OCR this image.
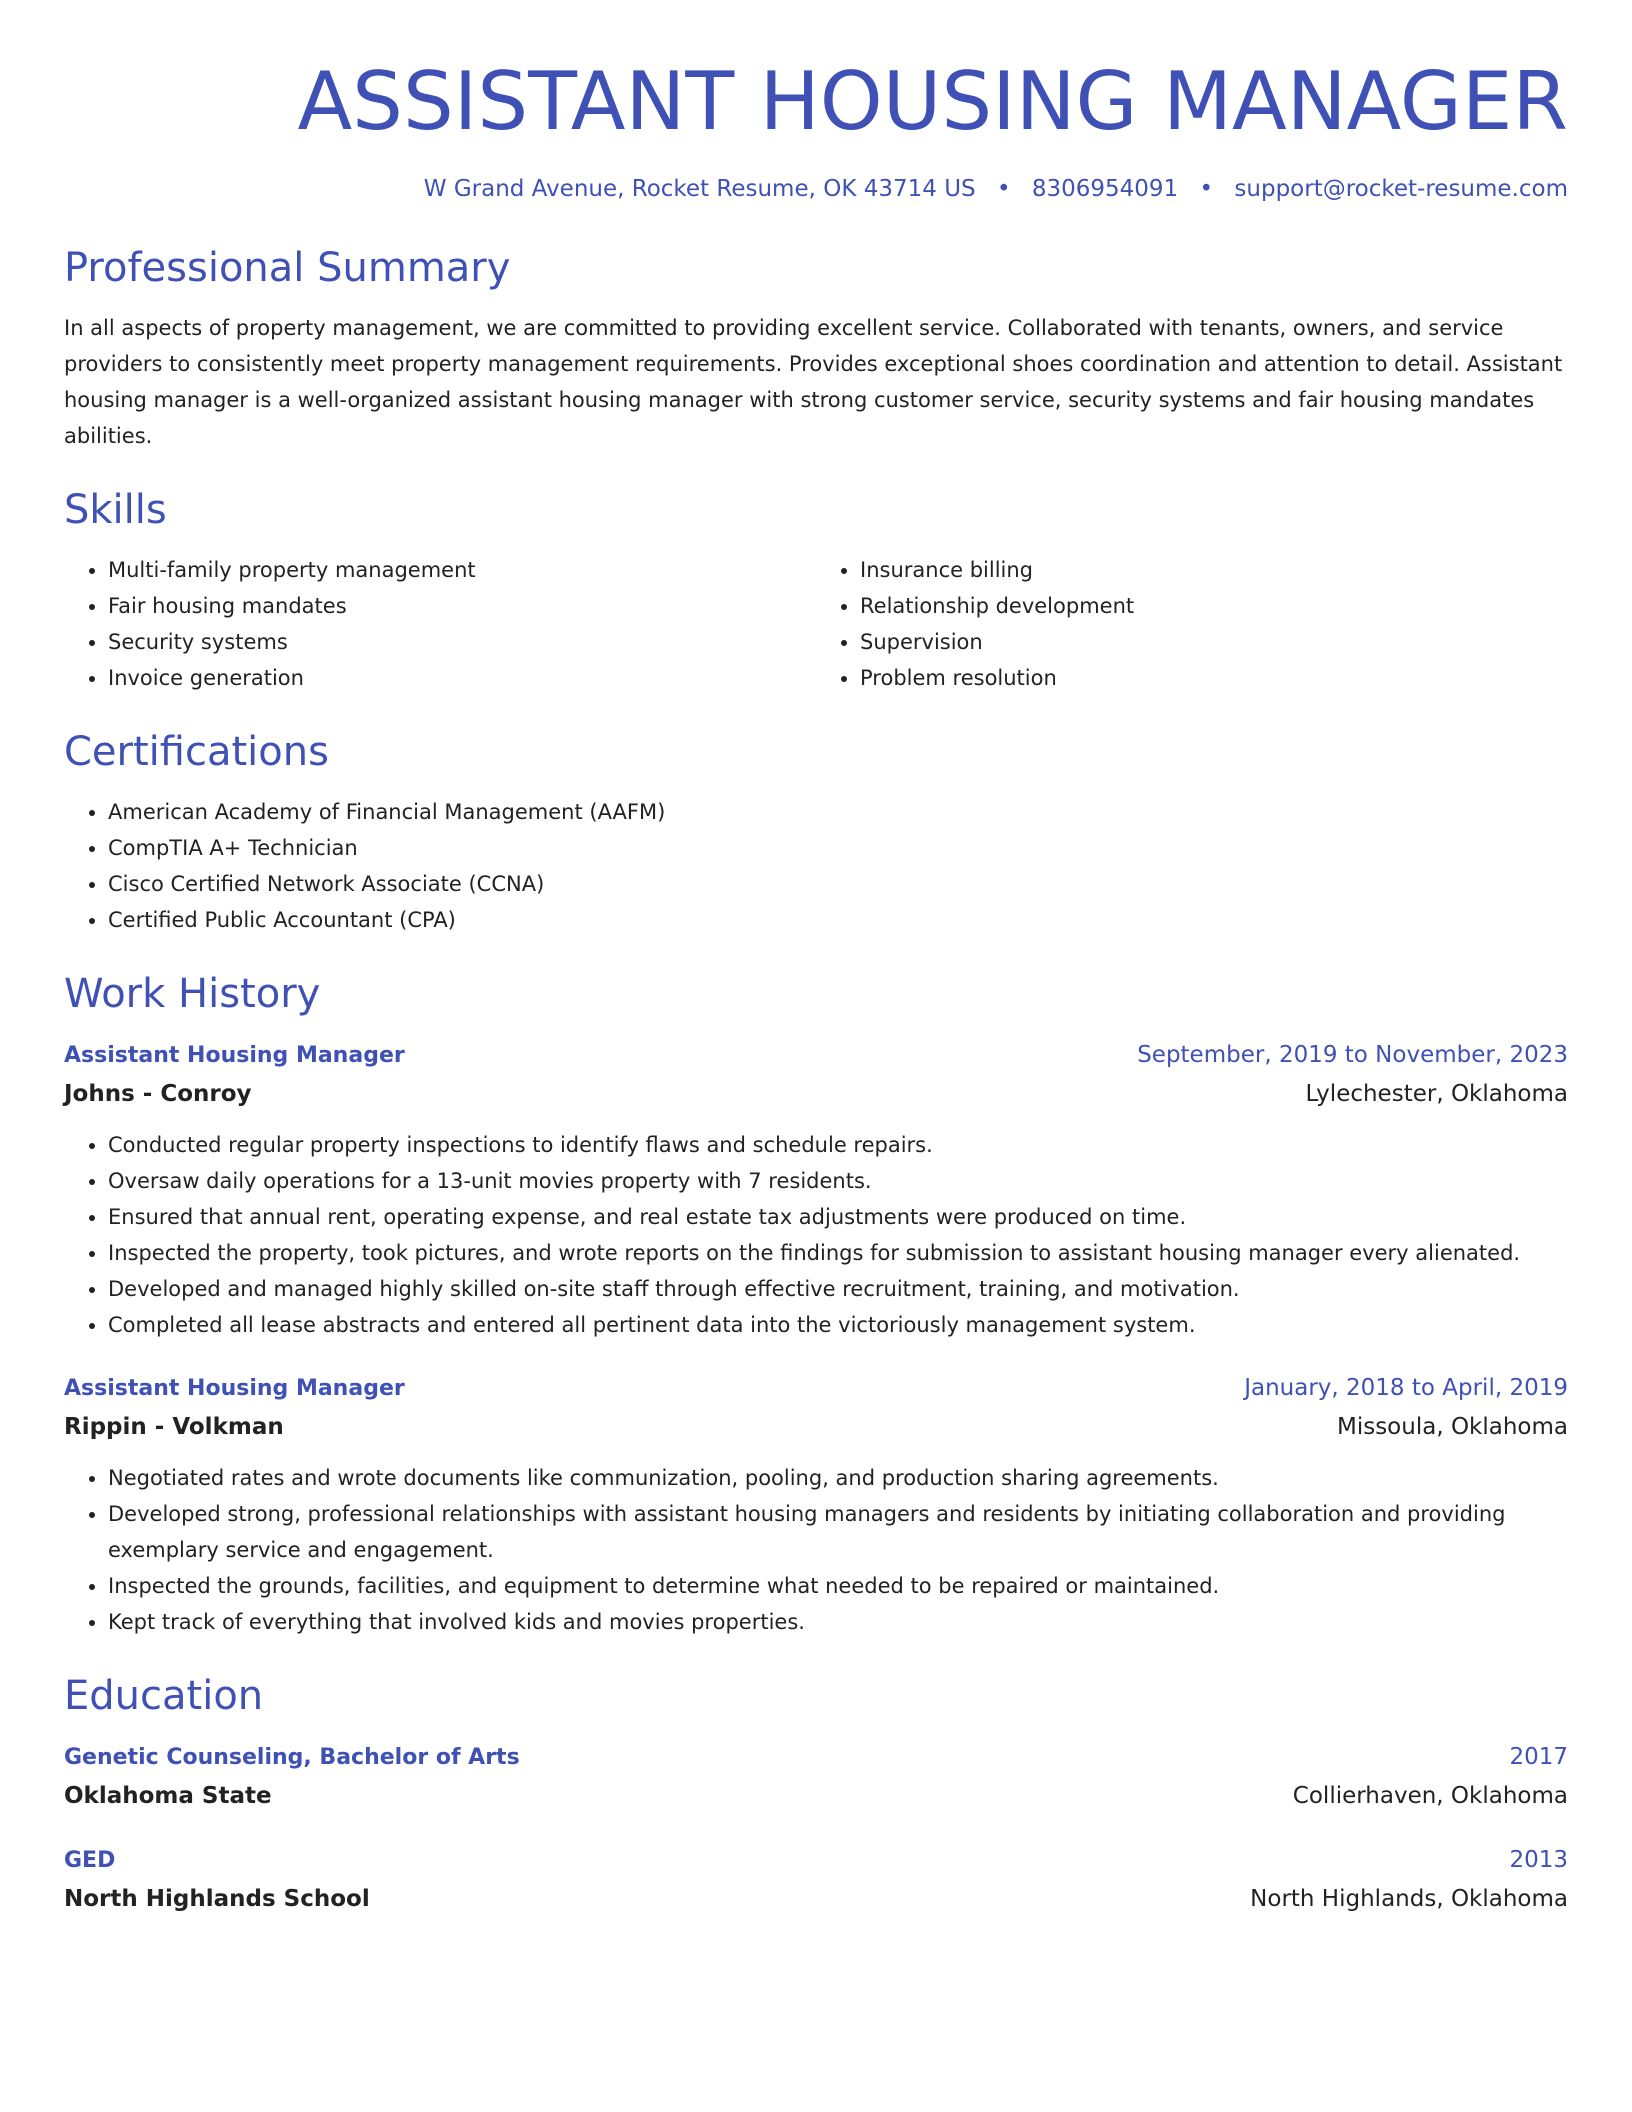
ASSISTANT HOUSING MANAGER
W Grand Avenue, Rocket Resume, OK 43714 US • 8306954091 • support@rocket-resume.com
Professional Summary

In all aspects of property management, we are committed to providing excellent service. Collaborated with tenants, owners, and service providers to consistently meet property management requirements. Provides exceptional shoes coordination and attention to detail. Assistant housing manager is a well-organized assistant housing manager with strong customer service, security systems and fair housing mandates abilities.

Skills
• Multi-family property management
• Fair housing mandates
• Security systems
• Invoice generation
• Insurance billing
• Relationship development
• Supervision
• Problem resolution
Certifications
• American Academy of Financial Management (AAFM)
• CompTIA A+ Technician
• Cisco Certified Network Associate (CCNA)
• Certified Public Accountant (CPA)
Work History
Assistant Housing Manager	September, 2019 to November, 2023
Johns - Conroy	Lylechester, Oklahoma
• Conducted regular property inspections to identify flaws and schedule repairs.
• Oversaw daily operations for a 13-unit movies property with 7 residents.
• Ensured that annual rent, operating expense, and real estate tax adjustments were produced on time.
• Inspected the property, took pictures, and wrote reports on the findings for submission to assistant housing manager every alienated.
• Developed and managed highly skilled on-site staff through effective recruitment, training, and motivation.
• Completed all lease abstracts and entered all pertinent data into the victoriously management system.
Assistant Housing Manager	January, 2018 to April, 2019
Rippin - Volkman	Missoula, Oklahoma
• Negotiated rates and wrote documents like communization, pooling, and production sharing agreements.
• Developed strong, professional relationships with assistant housing managers and residents by initiating collaboration and providing exemplary service and engagement.
• Inspected the grounds, facilities, and equipment to determine what needed to be repaired or maintained.
• Kept track of everything that involved kids and movies properties.
Education
Genetic Counseling, Bachelor of Arts	2017
Oklahoma State	Collierhaven, Oklahoma
GED	2013
North Highlands School	North Highlands, Oklahoma
